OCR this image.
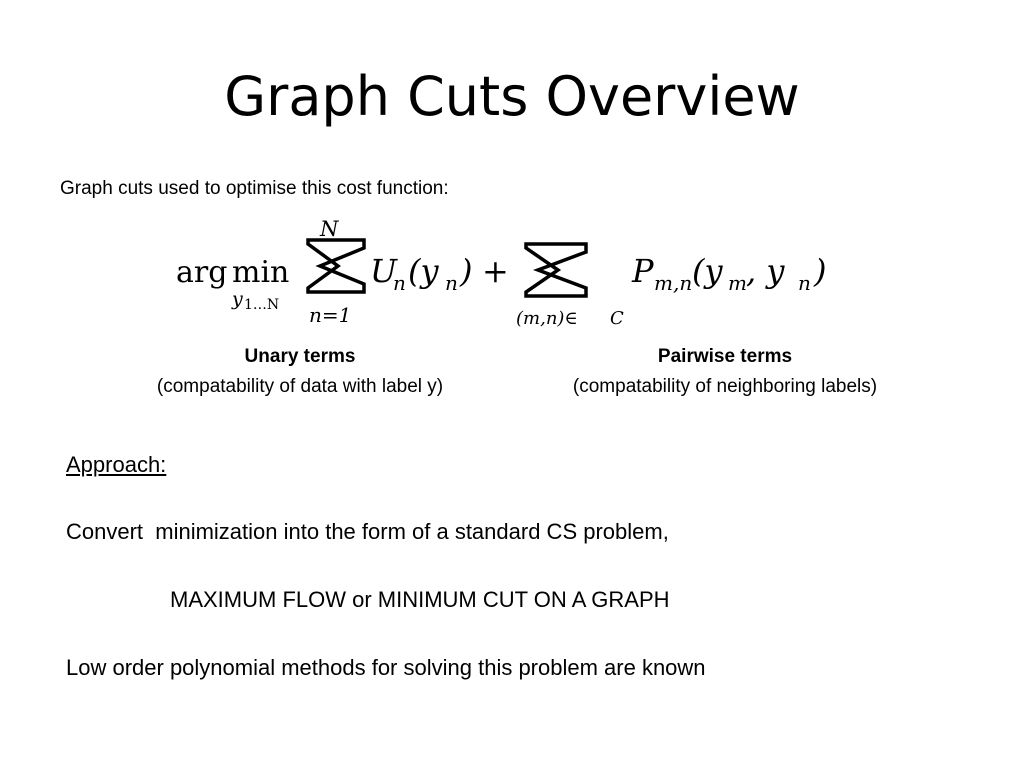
Graph Cuts Overview
Graph cuts used to optimise this cost function:
arg min
y 1…N
N
n=1
U
n (y n ) +
(m,n)∈ C
P m,n (y m , y n )
Unary terms
(compatability of data with label y)
Pairwise terms
(compatability of neighboring labels)
Approach:
Convert  minimization into the form of a standard CS problem,
MAXIMUM FLOW or MINIMUM CUT ON A GRAPH
Low order polynomial methods for solving this problem are known
